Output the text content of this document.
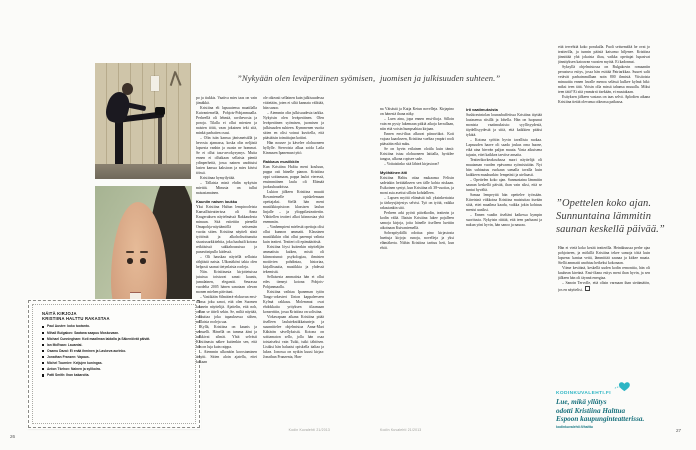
NÄITÄ KIRJOJA
KRISTIINA HALTTU RAKASTAA
Paul Auster: koko tuotanto.
Mihail Bulgakov: Saatana saapuu Moskovaan.
Michael Cunningham: Koti maailman laidalla ja Säkenöivät päivät.
Ian McEwan: Lauantai.
Osamu Dazai: Ei enää ihminen ja Laskeva aurinko.
Jonathan Franzen: Vapaus.
Michel Tournier: Keijujen kuningas.
Anton Tšehov: Nainen ja sylikoira.
Patti Smith: Ihan kakaroita.
”Nykyään olen leväperäinen syömisen, juomisen ja julkisuuden suhteen.”
”Opettelen koko ajan.
Sunnuntaina lämmitin
saunan keskellä päivää.”

po ja tiukkis. Vaativa mies taas on vain jämäkkä.

Kristiina eli lapsuutensa maatilalla Kuivaniemellä, Pohjois-Pohjanmaalla. Perheellä oli lehmiä, ravihevosia ja poroja. Tilalla ei ollut miesten ja naisten töitä, vaan jokainen teki sitä, minkä parhaiten osasi.

– Olin isän kanssa jänismetsällä ja hevosia ajamassa, koska olin neljästä lapsesta vanhin ja osasin ne hommat. Se ei ollut tasa-arvokysymys. Mutta ennen ei ollutkaan sellaista pientä ydinperhettä, jossa nainen unohtuisi lasten kanssa kaksioon ja mies kävisi töissä.

Kristiinaa hymyilyttää.

– Tällaisia minä ehdin nykyisin miettiä. Minusta on tullut naisasianainen.

Kauniin naisen loukku

Yksi Kristiina Haltun lempirooleista Kansallisteatterissa oli Anna Krugeruksen näytelmässä Rakkaudesta minuun. Sitä esitettiin pienellä Omapohja-näyttämöllä seitsemän vuotta sitten. Kristiina näytteli siinä työtöntä ja alkoholisoitunutta sisustusarkkitehtia, joka haahuili kotona reikäisissä sukkahousuissa ja punaviinipullo kädessä.

– Oli hauskaa näytellä sellaista rähjäistä naista. Ulkonäköni takia olen helposti saanut tietynlaisia rooleja.

Niin. Kristiinasta kirjoitetuissa jutuissa toistuvat sanat: kaunis, jumalainen, elegantti. Seurassa vuodelta 2005 hänen sanotaan olevan monen miehen päiväuni.

– Vastikään Silmäterä-elokuvan ensi-illassa joku sanoi, että olen Suomen kaunein näyttelijä. Ajattelin, että noh, onhan se titteli sekin. Se, miltä näyttää, vaikuttaa joka tapauksessa siihen, millaisia rooleja saa.

Kyllä, Kristiina on kaunis ja sensuelli. Hänellä on tumma ääni ja tuikkivat silmät. Yhtä selvästi Kristiinasta näkee kuitenkin sen, että hän on luja kuin raippa.

– Aiemmin ulkonäön korostaminen ärsytti. Sitten aloin ajatella, ettei kukaan

ole oikeasti sellainen kuin julkisuudessa väitetään, joten ei siltä kannata välittää, hän sanoo.

– Aiemmin olin julkisuudesta tarkka. Nykyisin olen leväperäinen. Olen leväperäinen syömisen, juomisen ja julkisuuden suhteen. Kymmenen vuotta sitten en olisi voinut kuvitella, että päästäisin toimittajan kotiini.

Hän nousee ja kävelee olohuoneen hyllylle. Stereoista alkaa soida Laila Kinnusen Ipaneman tyttö.

Rakkaus musiikkiin

Kun Kristiina Halttu meni kouluun, pappa osti hänelle pianon. Kristiina oppi soittamaan, pappa lauloi vieressä, ensimmäinen laulu oli Elämää juoksuhaudoissa.

Lukion jälkeen Kristiina muutti Rovaniemelle opiskelemaan opettajaksi. Siellä hän meni musiikkiopistoon klassisen laulun linjalle – ja ylioppilasteatteriin. Vähitellen teatteri alkoi kiinnostaa yhä enemmän.

– Vanhempieni mielestä opettaja olisi ollut kunnon ammatti. Klassinen musiikkikin olisi ollut parempi valinta kuin teatteri. Teatteri oli epämääräistä.

Kristiina löysi kuitenkin näyttelijän ammatista kaiken, mistä oli kiinnostunut: psykologiaa, ihmisten motiivien pohdintaa, historiaa, kirjallisuutta, musiikkia ja yhdessä tekemistä.

Sellaisesta ammatista hän ei ollut edes tiennyt kotona Pohjois-Pohjanmaalla.

Kristiina vaihtaa Ipaneman tytön Tango-orkesteri Unton kappaleeseen Kylmä rakkaus. Molemmat ovat ehdokkaita yrityksen tilaamaan konserttiin, jossa Kristiina on solistina.

Virkavapaan aikana Kristiina pitää itselleen laulutekniikkatunteja ja suunnittelee ohjelmistoa Anna-Mari Kähärän sävellyksistä. Kotona on soittamaton sello, jolla hän osaa toistaiseksi vain Tuiki, tuiki tähtösen. Lisäksi hän haluaisi opiskella italiaa ja lukea. Jonossa on nytkin kuusi kirjaa: Jonathan Franzenia, Han-

na Väisästä ja Katja Ketun novelleja. Kirjapino on hänestä ihana näky.

– Luen aina, jopa ennen ensi-iltoja. Silloin vain en pysty lukemaan pitkiä aikoja kerrallaan, niin että voisin humpsahtaa kirjaan.

Ennen ensi-iltaa alkavat piinaviikot. Koti vajoaa kaaokseen, Kristiina vaeltaa ympäri rooli päässään eikä nuku.

Se on hyvin erilainen olotila kuin tämä: Kristiina istuu olohuoneen lattialla, hyräilee tangoa, ulkona ropisee sade.

– Voitaisiinko sitä lähteä kirjastoon?

Myöhäinen äiti

Kristiina Halttu ottaa mukaansa Felixin sadetakin heittääkseen sen tälle kohta niskaan. Esikoinen syntyi, kun Kristiina oli 38-vuotias, ja moni asia asettui silloin kohdalleen.

– Lapsen myötä elämästä tuli yksinkertaista ja tärkeysjärjestys selvisi. Työ on työtä, vaikka rakastankin sitä.

Perheen arki pyörii päiväkodin, teatterin ja kodin väliä. Iltaisin Kristiina lukee pojalleen samoja kirjoja, joita hänelle itselleen luettiin aikoinaan Kuivaniemellä.

Sohvapöydällä odottaa pino kirjastosta haettuja kirjoja: runoja, novelleja ja yksi elämäkerta. Niihin Kristiina tarttuu heti, kun ehtii.

Irti vaatimuksista

Sushiravintolan lounasbuffetissa Kristiina täyttää lautasensa riisillä ja lohella. Hän on luopunut monista vaatimuksista: syyllisyydestä, täydellisyydestä ja siitä, että kaikkien pitäisi tykätä.

– Kotona syötiin hyvin tavallista ruokaa. Lapsuuden haave oli saada joskus oma huone, eikä aina hirveän paljon muuta. Vasta aikuisena tajusin, ettei kaikkea tarvitse ansaita.

Teatterikorkeakoulussa nuori näyttelijä oli muutaman vuoden epävarma syömisistään. Nyt hän suhtautuu ruokaan samalla tavalla kuin kaikkeen muuhunkin: lempeästi ja uteliaasti.

– Opettelen koko ajan. Sunnuntaina lämmitin saunan keskellä päivää, ihan vain siksi, että se tuntui hyvältä.

Samaa lempeyttä hän opettelee työssään. Kiireisinä viikkoina Kristiina muistuttaa itseään siitä, ettei maailma kaadu, vaikka jokin kohtaus menisi uusiksi.

– Ennen vaadin itseltäni kaikessa kympin suoritusta. Nykyisin riittää, että teen parhaani ja nukun yöni hyvin, hän sanoo ja nauraa.

että tervehtiä koko porukalla. Puoli seitsemältä he ovat jo teatterilla, ja tunnin päästä katsomo hiljenee. Kristiina jännittää yhä jokaista iltaa, vaikka opettajat lupasivat jännityksen katoavan vuosien myötä. Ei kadonnut.

Syksyllä ohjelmistossa on Bulgakovin romaaniin perustuva esitys, jossa hän esittää Patriarkkaa. Suuret salit vetävät parhaimmillaan noin 800 ihmistä. Viisitoista minuuttia ennen lavalle menoa selässä kulkee kylmä hiki: miksi teen tätä. Voisin olla missä tahansa muualla. Miksi teen tätä? Ei sitä ymmärrä itsekään, ei mustakaan.

Esityksen jälkeen vastaus on taas selvä. Aplodien aikana Kristiina tietää olevansa oikeassa paikassa.

Hän ei vietä koko kesää teatterilla. Heinäkuussa perhe ajaa pohjoiseen, ja mökillä Kristiina tekee samoja töitä kuin lapsena: kantaa vettä, lämmittää saunaa ja kitkee maata. Siellä ammatti unohtuu hetkeksi kokonaan.

Viime keväänä, keskellä uuden kodin remonttia, hän oli kauhean kireänä. Ensi-iltana esitys meni ihan hyvin, ja sen jälkeen hän oli täynnä energiaa.

– Sanoin Tervolle, että olisin varmaan ihan sietämätön, jos en näyttelisi.

KODINKUVALEHTI.FI
Lue, mikä yllätys
odotti Kristiina Halttua
Espoon kaupunginteatterissa.
kodinkuvalehti.fi/halttu
Kodin Kuvalehti 21/2013	Kodin Kuvalehti 21/2013
26
27
